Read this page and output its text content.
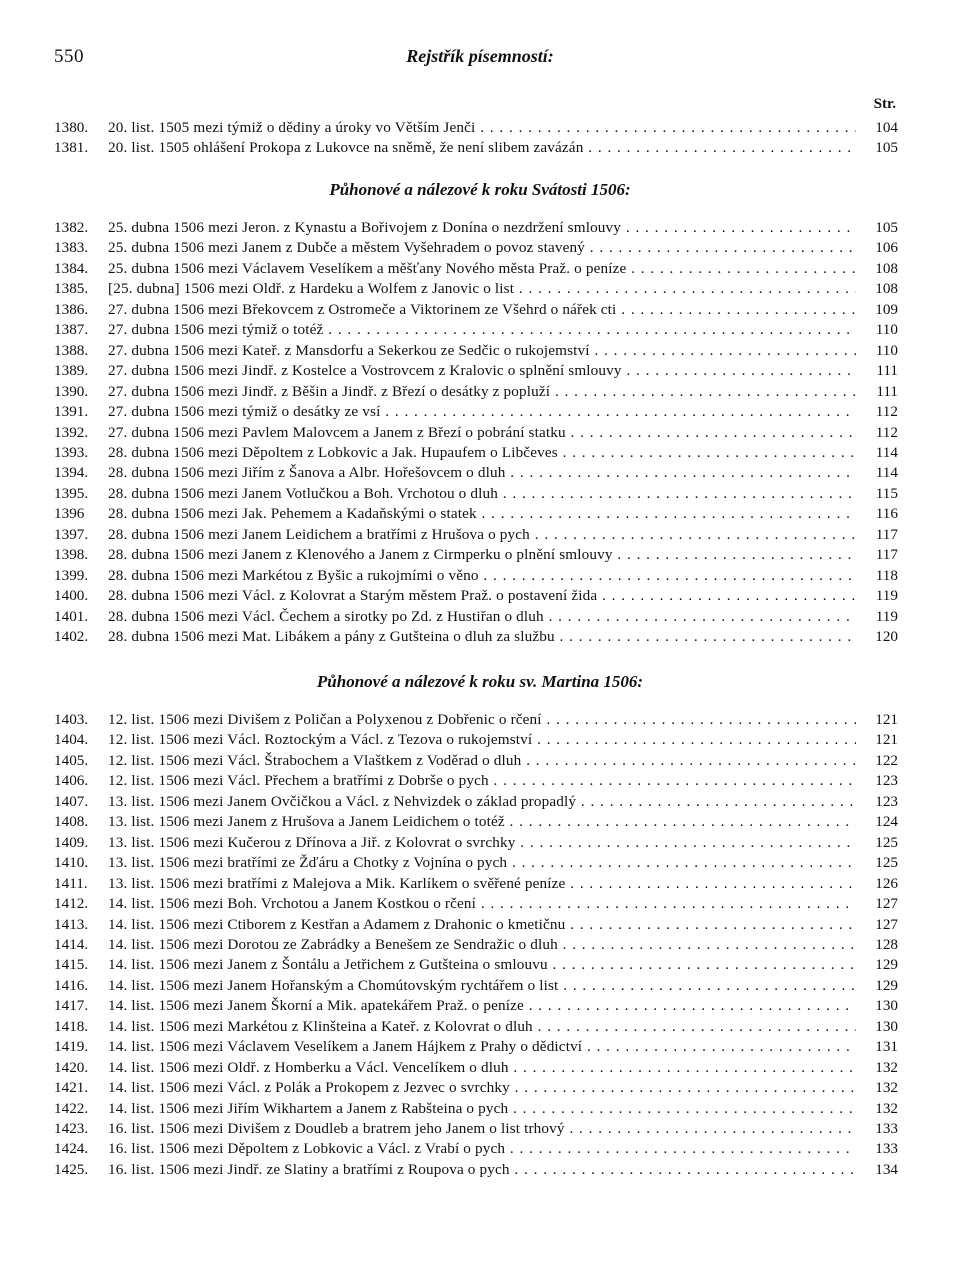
550	Rejstřík písemností:
Str.
1380.	20. list. 1505 mezi týmiž o dědiny a úroky vo Větším Jenči . . .	104
1381.	20. list. 1505 ohlášení Prokopa z Lukovce na sněmě, že není slibem zavázán . . .	105
Půhonové a nálezové k roku Svátosti 1506:
1382.	25. dubna 1506 mezi Jeron. z Kynastu a Bořivojem z Donína o nezdržení smlouvy . . .	105
1383.	25. dubna 1506 mezi Janem z Dubče a městem Vyšehradem o povoz stavený . . .	106
1384.	25. dubna 1506 mezi Václavem Veselíkem a měšťany Nového města Praž. o peníze . . .	108
1385.	[25. dubna] 1506 mezi Oldř. z Hardeku a Wolfem z Janovic o list . . .	108
1386.	27. dubna 1506 mezi Břekovcem z Ostromeče a Viktorinem ze Všehrd o nářek cti . . .	109
1387.	27. dubna 1506 mezi týmiž o totéž . . .	110
1388.	27. dubna 1506 mezi Kateř. z Mansdorfu a Sekerkou ze Sedčic o rukojemství . . .	110
1389.	27. dubna 1506 mezi Jindř. z Kostelce a Vostrovcem z Kralovic o splnění smlouvy . . .	111
1390.	27. dubna 1506 mezi Jindř. z Běšin a Jindř. z Březí o desátky z popluží . . .	111
1391.	27. dubna 1506 mezi týmiž o desátky ze vsí . . .	112
1392.	27. dubna 1506 mezi Pavlem Malovcem a Janem z Březí o pobrání statku . . .	112
1393.	28. dubna 1506 mezi Děpoltem z Lobkovic a Jak. Hupaufem o Libčeves . . .	114
1394.	28. dubna 1506 mezi Jiřím z Šanova a Albr. Hořešovcem o dluh . . .	114
1395.	28. dubna 1506 mezi Janem Votlučkou a Boh. Vrchotou o dluh . . .	115
1396	28. dubna 1506 mezi Jak. Pehemem a Kadaňskými o statek . . .	116
1397.	28. dubna 1506 mezi Janem Leidichem a bratřími z Hrušova o pych . . .	117
1398.	28. dubna 1506 mezi Janem z Klenového a Janem z Cirmperku o plnění smlouvy . . .	117
1399.	28. dubna 1506 mezi Markétou z Byšic a rukojmími o věno . . .	118
1400.	28. dubna 1506 mezi Václ. z Kolovrat a Starým městem Praž. o postavení žida . . .	119
1401.	28. dubna 1506 mezi Václ. Čechem a sirotky po Zd. z Hustiřan o dluh . . .	119
1402.	28. dubna 1506 mezi Mat. Libákem a pány z Gutšteina o dluh za službu . . .	120
Půhonové a nálezové k roku sv. Martina 1506:
1403.	12. list. 1506 mezi Divišem z Poličan a Polyxenou z Dobřenic o rčení . . .	121
1404.	12. list. 1506 mezi Václ. Roztockým a Václ. z Tezova o rukojemství . . .	121
1405.	12. list. 1506 mezi Václ. Štrabochem a Vlaštkem z Voděrad o dluh . . .	122
1406.	12. list. 1506 mezi Václ. Přechem a bratřími z Dobrše o pych . . .	123
1407.	13. list. 1506 mezi Janem Ovčičkou a Václ. z Nehvizdek o základ propadlý . . .	123
1408.	13. list. 1506 mezi Janem z Hrušova a Janem Leidichem o totéž . . .	124
1409.	13. list. 1506 mezi Kučerou z Dřínova a Jiř. z Kolovrat o svrchky . . .	125
1410.	13. list. 1506 mezi bratřími ze Žďáru a Chotky z Vojnína o pych . . .	125
1411.	13. list. 1506 mezi bratřími z Malejova a Mik. Karlíkem o svěřené peníze . . .	126
1412.	14. list. 1506 mezi Boh. Vrchotou a Janem Kostkou o rčení . . .	127
1413.	14. list. 1506 mezi Ctiborem z Kestřan a Adamem z Drahonic o kmetičnu . . .	127
1414.	14. list. 1506 mezi Dorotou ze Zabrádky a Benešem ze Sendražic o dluh . . .	128
1415.	14. list. 1506 mezi Janem z Šontálu a Jetřichem z Gutšteina o smlouvu . . .	129
1416.	14. list. 1506 mezi Janem Hořanským a Chomútovským rychtářem o list . . .	129
1417.	14. list. 1506 mezi Janem Škorní a Mik. apatekářem Praž. o peníze . . .	130
1418.	14. list. 1506 mezi Markétou z Klinšteina a Kateř. z Kolovrat o dluh . . .	130
1419.	14. list. 1506 mezi Václavem Veselíkem a Janem Hájkem z Prahy o dědictví . . .	131
1420.	14. list. 1506 mezi Oldř. z Homberku a Václ. Vencelíkem o dluh . . .	132
1421.	14. list. 1506 mezi Václ. z Polák a Prokopem z Jezvec o svrchky . . .	132
1422.	14. list. 1506 mezi Jiřím Wikhartem a Janem z Rabšteina o pych . . .	132
1423.	16. list. 1506 mezi Divišem z Doudleb a bratrem jeho Janem o list trhový . . .	133
1424.	16. list. 1506 mezi Děpoltem z Lobkovic a Václ. z Vrabí o pych . . .	133
1425.	16. list. 1506 mezi Jindř. ze Slatiny a bratřími z Roupova o pych . . .	134
